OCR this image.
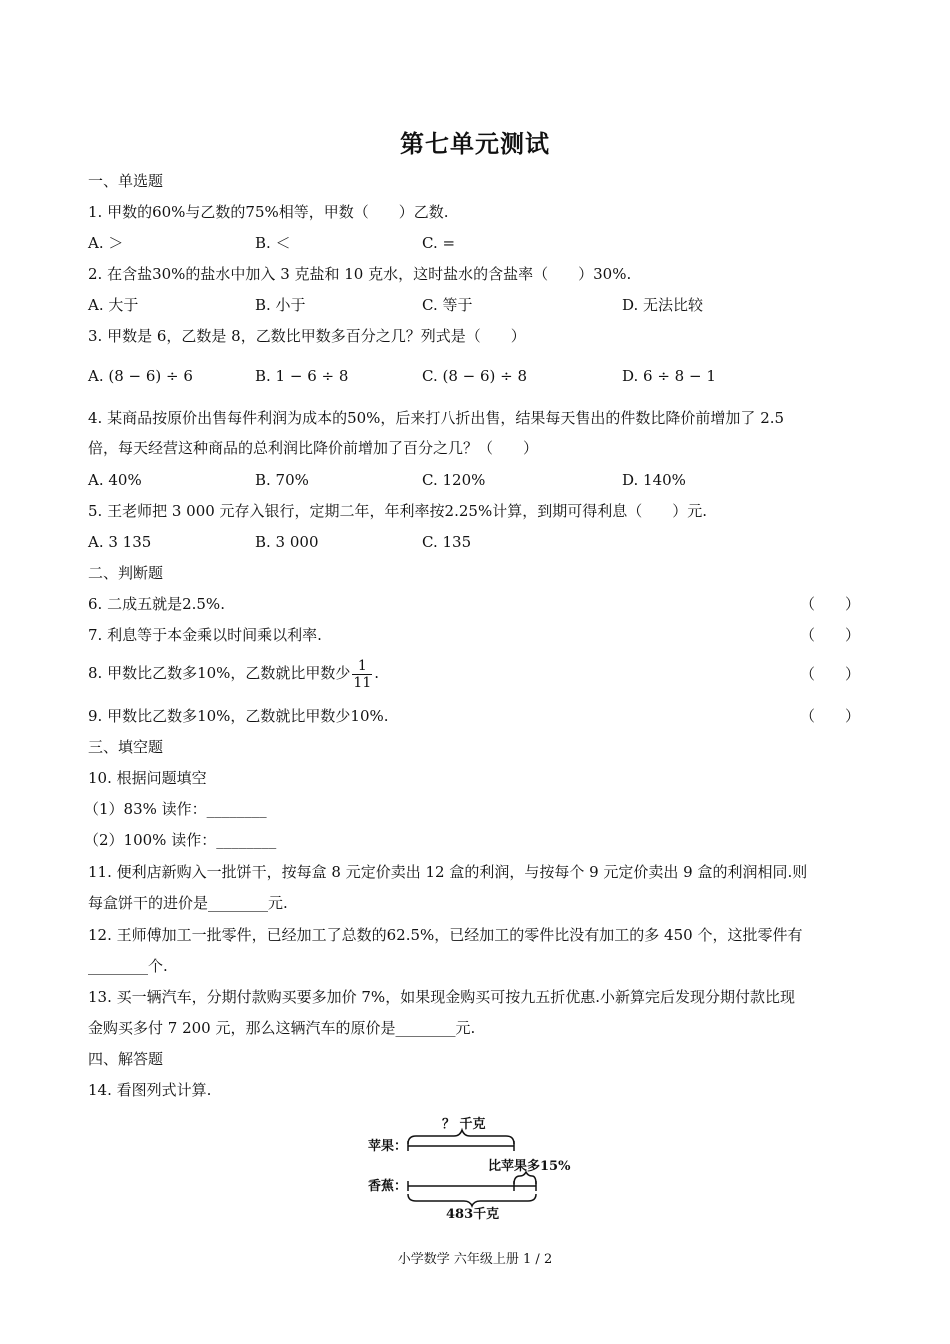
第七单元测试
一、单选题
1. 甲数的60%与乙数的75%相等，甲数（　　）乙数.
A. ＞	B. ＜	C. =
2. 在含盐30%的盐水中加入 3 克盐和 10 克水，这时盐水的含盐率（　　）30%.
A. 大于	B. 小于	C. 等于	D. 无法比较
3. 甲数是 6，乙数是 8，乙数比甲数多百分之几？列式是（　　）
A. (8 − 6) ÷ 6	B. 1 − 6 ÷ 8	C. (8 − 6) ÷ 8	D. 6 ÷ 8 − 1
4. 某商品按原价出售每件利润为成本的50%，后来打八折出售，结果每天售出的件数比降价前增加了 2.5
倍，每天经营这种商品的总利润比降价前增加了百分之几？（　　）
A. 40%	B. 70%	C. 120%	D. 140%
5. 王老师把 3 000 元存入银行，定期二年，年利率按2.25%计算，到期可得利息（　　）元.
A. 3 135	B. 3 000	C. 135
二、判断题
6. 二成五就是2.5%.	（　　）
7. 利息等于本金乘以时间乘以利率.	（　　）
8. 甲数比乙数多10%，乙数就比甲数少 $\frac{1}{11}$ .	（　　）
9. 甲数比乙数多10%，乙数就比甲数少10%.	（　　）
三、填空题
10. 根据问题填空
（1）83% 读作：________
（2）100% 读作：________
11. 便利店新购入一批饼干，按每盒 8 元定价卖出 12 盒的利润，与按每个 9 元定价卖出 9 盒的利润相同.则
每盒饼干的进价是________元.
12. 王师傅加工一批零件，已经加工了总数的62.5%，已经加工的零件比没有加工的多 450 个，这批零件有
________个.
13. 买一辆汽车，分期付款购买要多加价 7%，如果现金购买可按九五折优惠.小新算完后发现分期付款比现
金购买多付 7 200 元，那么这辆汽车的原价是________元.
四、解答题
14. 看图列式计算.
？ 千克
苹果：
比苹果多15%
香蕉：
483千克
小学数学 六年级上册 1 / 2
